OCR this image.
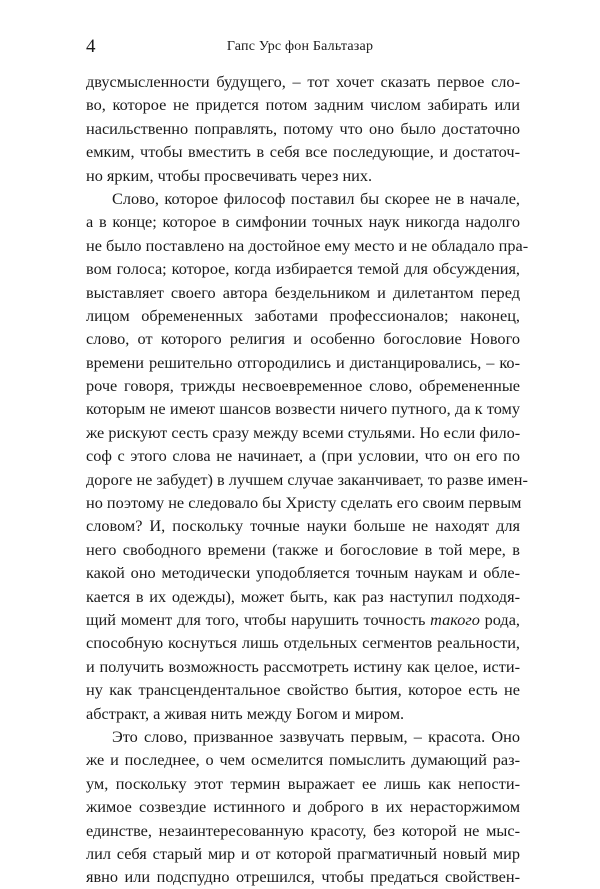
4	Гапс Урс фон Бальтазар
двусмысленности будущего, – тот хочет сказать первое сло-
во, которое не придется потом задним числом забирать или
насильственно поправлять, потому что оно было достаточно
емким, чтобы вместить в себя все последующие, и достаточ-
но ярким, чтобы просвечивать через них.
Слово, которое философ поставил бы скорее не в начале,
а в конце; которое в симфонии точных наук никогда надолго
не было поставлено на достойное ему место и не обладало пра-
вом голоса; которое, когда избирается темой для обсуждения,
выставляет своего автора бездельником и дилетантом перед
лицом обремененных заботами профессионалов; наконец,
слово, от которого религия и особенно богословие Нового
времени решительно отгородились и дистанцировались, – ко-
роче говоря, трижды несвоевременное слово, обремененные
которым не имеют шансов возвести ничего путного, да к тому
же рискуют сесть сразу между всеми стульями. Но если фило-
соф с этого слова не начинает, а (при условии, что он его по
дороге не забудет) в лучшем случае заканчивает, то разве имен-
но поэтому не следовало бы Христу сделать его своим первым
словом? И, поскольку точные науки больше не находят для
него свободного времени (также и богословие в той мере, в
какой оно методически уподобляется точным наукам и обле-
кается в их одежды), может быть, как раз наступил подходя-
щий момент для того, чтобы нарушить точность такого рода,
способную коснуться лишь отдельных сегментов реальности,
и получить возможность рассмотреть истину как целое, исти-
ну как трансцендентальное свойство бытия, которое есть не
абстракт, а живая нить между Богом и миром.
Это слово, призванное зазвучать первым, – красота. Оно
же и последнее, о чем осмелится помыслить думающий раз-
ум, поскольку этот термин выражает ее лишь как непости-
жимое созвездие истинного и доброго в их нерасторжимом
единстве, незаинтересованную красоту, без которой не мыс-
лил себя старый мир и от которой прагматичный новый мир
явно или подспудно отрешился, чтобы предаться свойствен-
